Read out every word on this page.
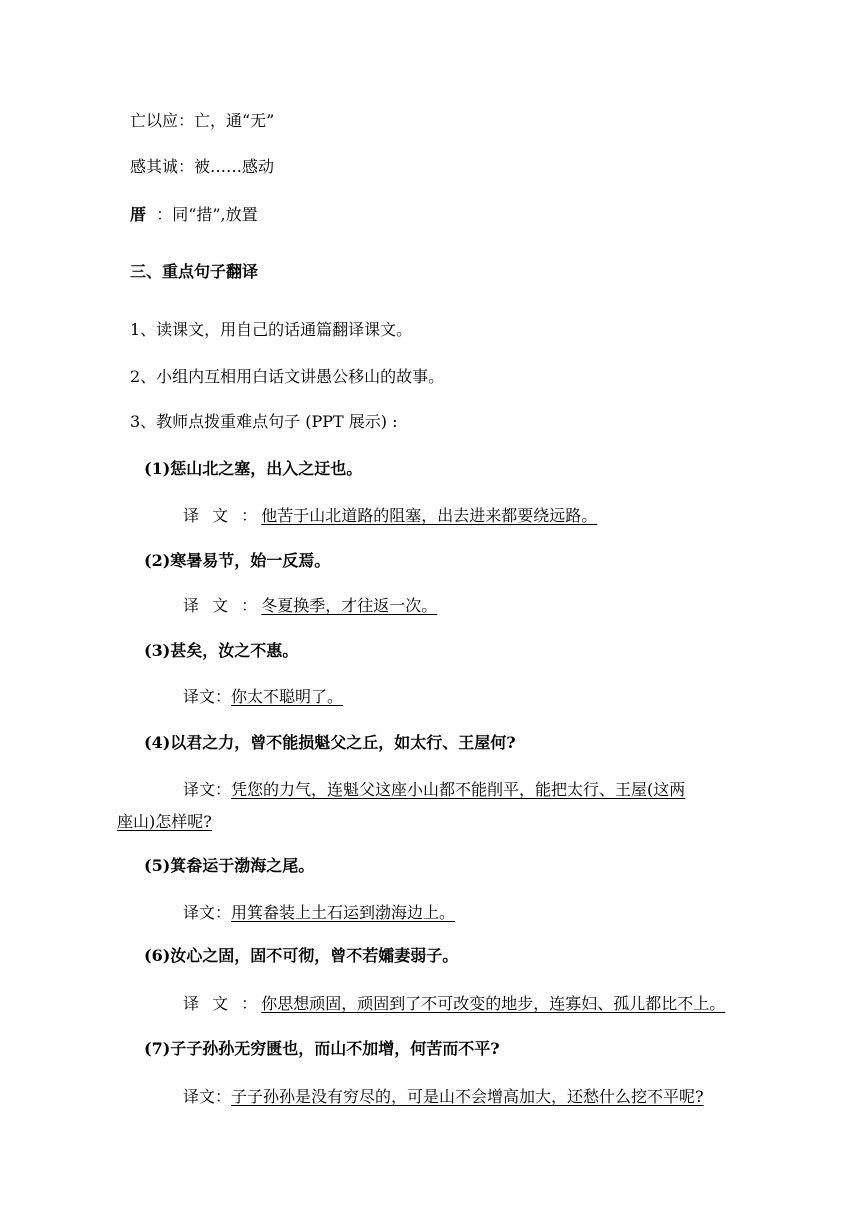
亡以应：亡，通“无”
感其诚：被……感动
厝 ：同“措”,放置
三、重点句子翻译
1、读课文，用自己的话通篇翻译课文。
2、小组内互相用白话文讲愚公移山的故事。
3、教师点拨重难点句子 (PPT 展示) :
(1)惩山北之塞，出入之迂也。
译 文 ：他苦于山北道路的阻塞，出去进来都要绕远路。
(2)寒暑易节，始一反焉。
译 文 ：冬夏换季，才往返一次。
(3)甚矣，汝之不惠。
译文：你太不聪明了。
(4)以君之力，曾不能损魁父之丘，如太行、王屋何?
译文：凭您的力气，连魁父这座小山都不能削平，能把太行、王屋(这两
座山)怎样呢?
(5)箕畚运于渤海之尾。
译文：用箕畚装上土石运到渤海边上。
(6)汝心之固，固不可彻，曾不若孀妻弱子。
译 文 ：你思想顽固，顽固到了不可改变的地步，连寡妇、孤儿都比不上。
(7)子子孙孙无穷匮也，而山不加增，何苦而不平?
译文：子子孙孙是没有穷尽的，可是山不会增高加大，还愁什么挖不平呢?
